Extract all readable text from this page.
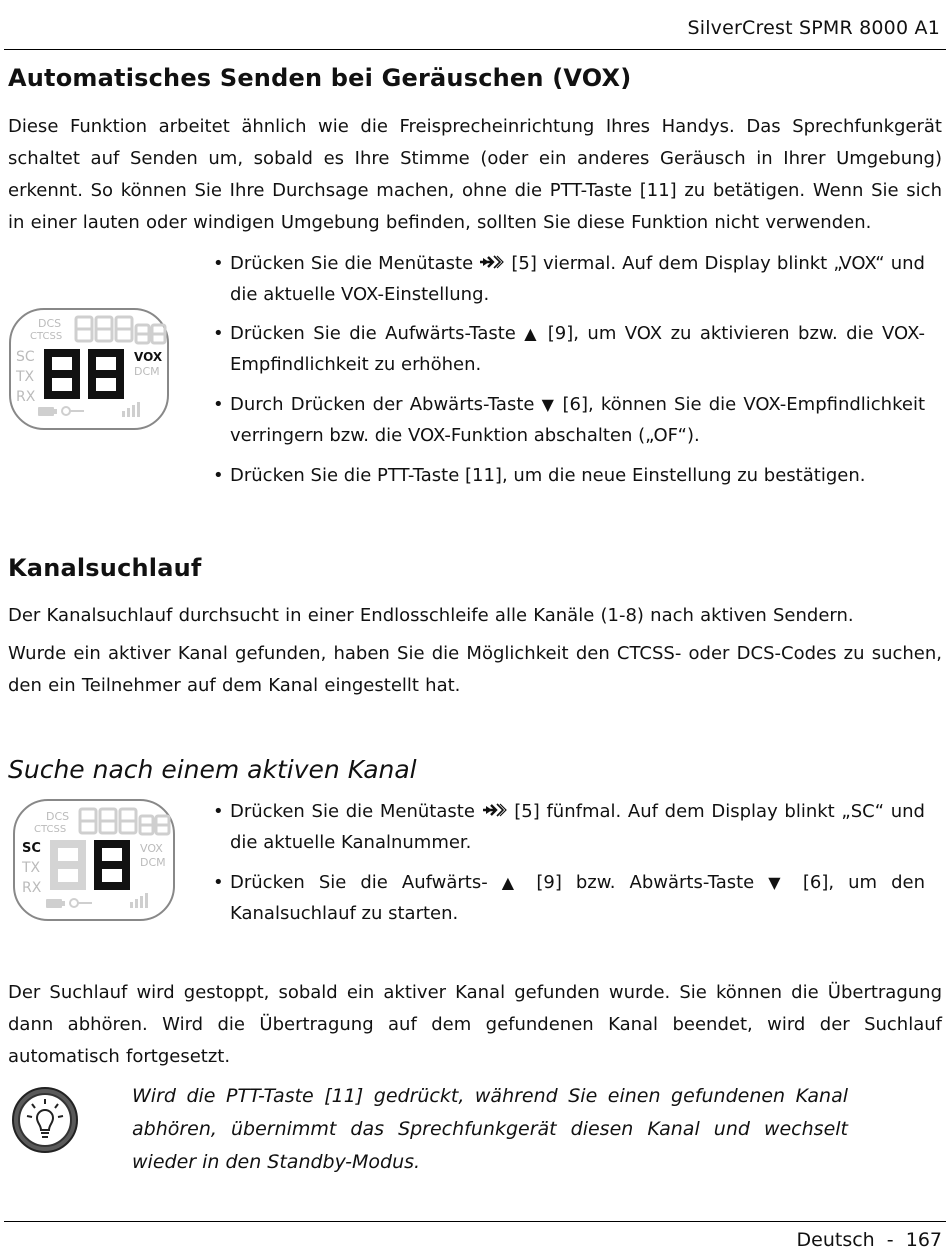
SilverCrest SPMR 8000 A1
Automatisches Senden bei Geräuschen (VOX)

Diese Funktion arbeitet ähnlich wie die Freisprecheinrichtung Ihres Handys. Das Sprechfunkgerät schaltet auf Senden um, sobald es Ihre Stimme (oder ein anderes Geräusch in Ihrer Umgebung) erkennt. So können Sie Ihre Durchsage machen, ohne die PTT-Taste [11] zu betätigen. Wenn Sie sich in einer lauten oder windigen Umgebung befinden, sollten Sie diese Funktion nicht verwenden.

DCS
CTCSS
SC
TX
RX
VOX
DCM
• Drücken Sie die Menütaste  [5] viermal. Auf dem Display blinkt „VOX“ und die aktuelle VOX-Einstellung.
• Drücken Sie die Aufwärts-Taste ▲ [9], um VOX zu aktivieren bzw. die VOX-Empfindlichkeit zu erhöhen.
• Durch Drücken der Abwärts-Taste ▼ [6], können Sie die VOX-Empfindlichkeit verringern bzw. die VOX-Funktion abschalten („OF“).
• Drücken Sie die PTT-Taste [11], um die neue Einstellung zu bestätigen.
Kanalsuchlauf

Der Kanalsuchlauf durchsucht in einer Endlosschleife alle Kanäle (1-8) nach aktiven Sendern.

Wurde ein aktiver Kanal gefunden, haben Sie die Möglichkeit den CTCSS- oder DCS-Codes zu suchen, den ein Teilnehmer auf dem Kanal eingestellt hat.

Suche nach einem aktiven Kanal
DCS
CTCSS
SC
TX
RX
VOX
DCM
• Drücken Sie die Menütaste  [5] fünfmal. Auf dem Display blinkt „SC“ und die aktuelle Kanalnummer.
• Drücken Sie die Aufwärts- ▲ [9] bzw. Abwärts-Taste ▼ [6], um den Kanalsuchlauf zu starten.

Der Suchlauf wird gestoppt, sobald ein aktiver Kanal gefunden wurde. Sie können die Übertragung dann abhören. Wird die Übertragung auf dem gefundenen Kanal beendet, wird der Suchlauf automatisch fortgesetzt.

Wird die PTT-Taste [11] gedrückt, während Sie einen gefundenen Kanal abhören, übernimmt das Sprechfunkgerät diesen Kanal und wechselt wieder in den Standby-Modus.

Deutsch  -  167
